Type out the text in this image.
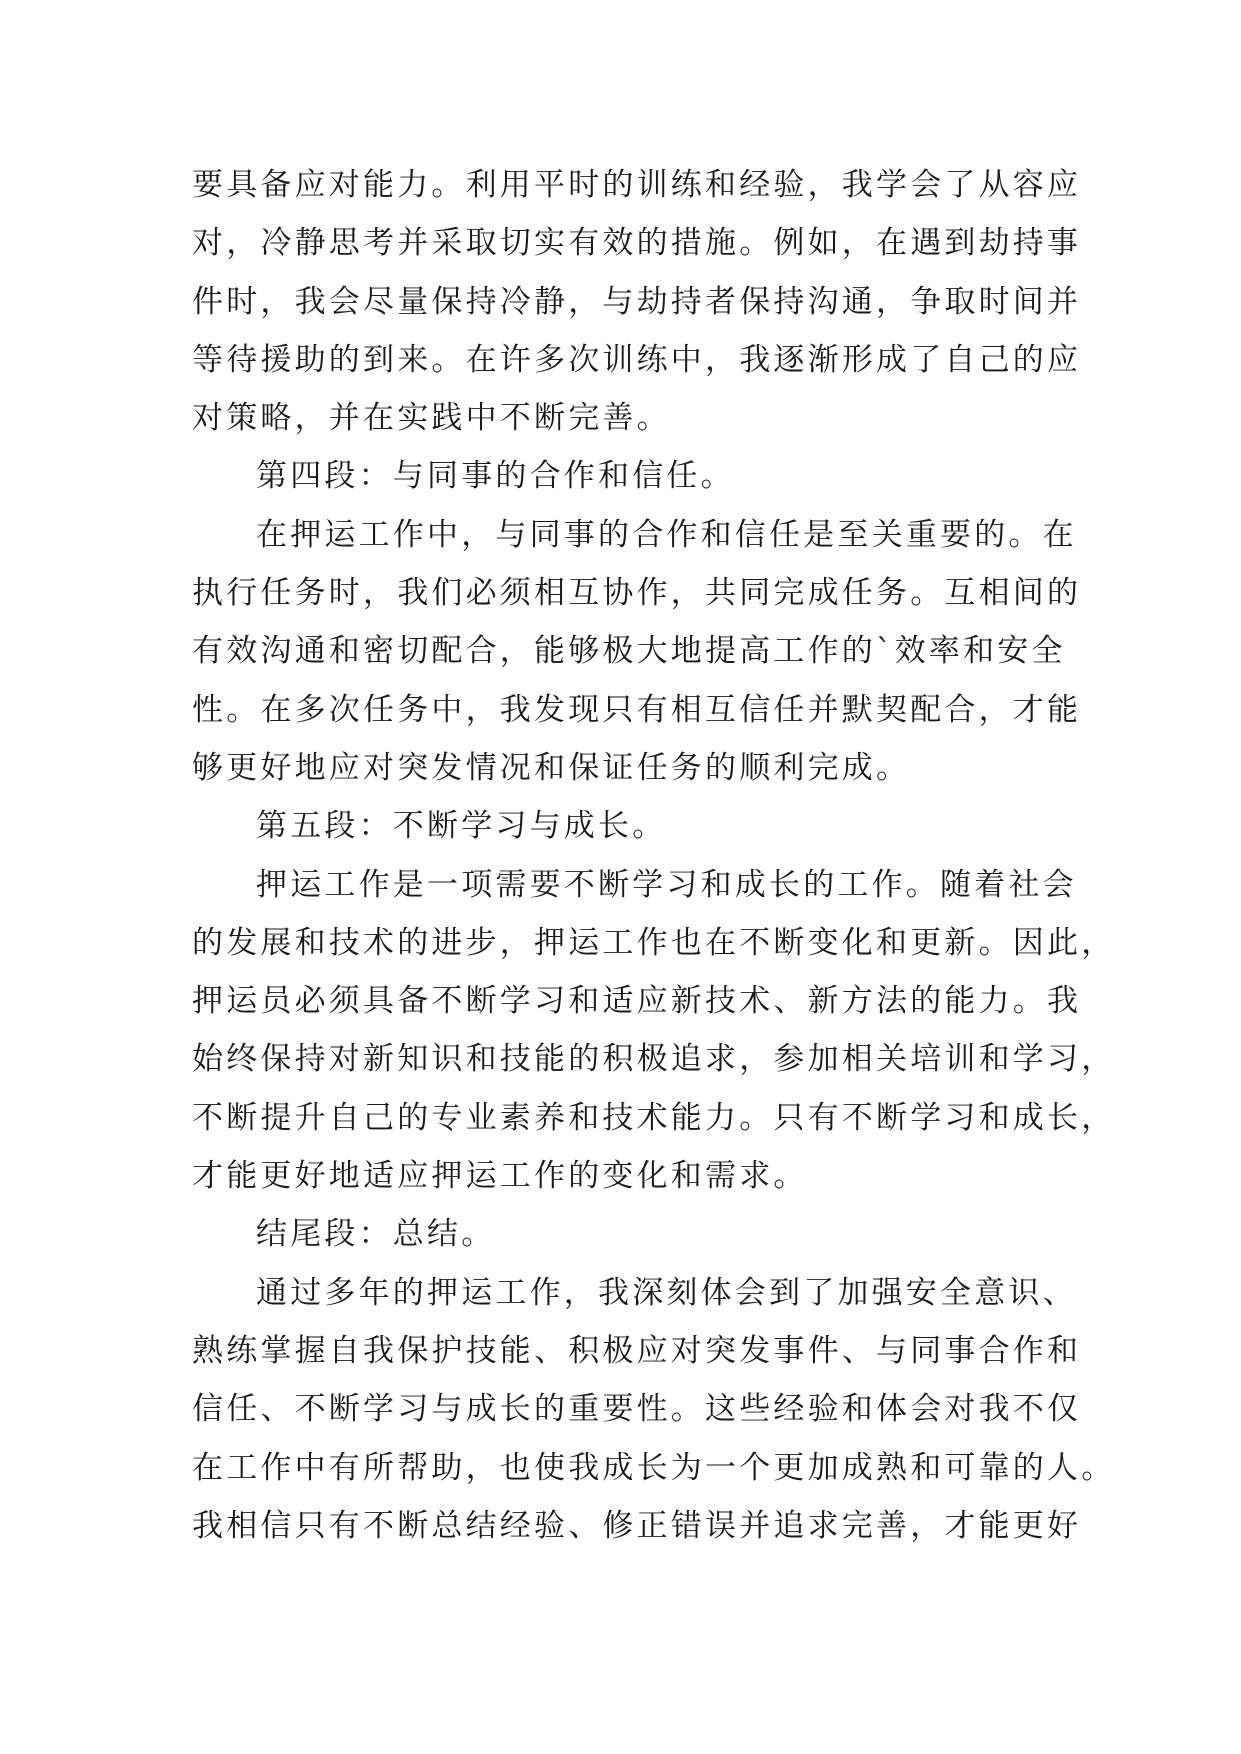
要具备应对能力。利用平时的训练和经验，我学会了从容应
对，冷静思考并采取切实有效的措施。例如，在遇到劫持事
件时，我会尽量保持冷静，与劫持者保持沟通，争取时间并
等待援助的到来。在许多次训练中，我逐渐形成了自己的应
对策略，并在实践中不断完善。
第四段：与同事的合作和信任。
在押运工作中，与同事的合作和信任是至关重要的。在
执行任务时，我们必须相互协作，共同完成任务。互相间的
有效沟通和密切配合，能够极大地提高工作的`效率和安全
性。在多次任务中，我发现只有相互信任并默契配合，才能
够更好地应对突发情况和保证任务的顺利完成。
第五段：不断学习与成长。
押运工作是一项需要不断学习和成长的工作。随着社会
的发展和技术的进步，押运工作也在不断变化和更新。因此，
押运员必须具备不断学习和适应新技术、新方法的能力。我
始终保持对新知识和技能的积极追求，参加相关培训和学习，
不断提升自己的专业素养和技术能力。只有不断学习和成长，
才能更好地适应押运工作的变化和需求。
结尾段：总结。
通过多年的押运工作，我深刻体会到了加强安全意识、
熟练掌握自我保护技能、积极应对突发事件、与同事合作和
信任、不断学习与成长的重要性。这些经验和体会对我不仅
在工作中有所帮助，也使我成长为一个更加成熟和可靠的人。
我相信只有不断总结经验、修正错误并追求完善，才能更好
